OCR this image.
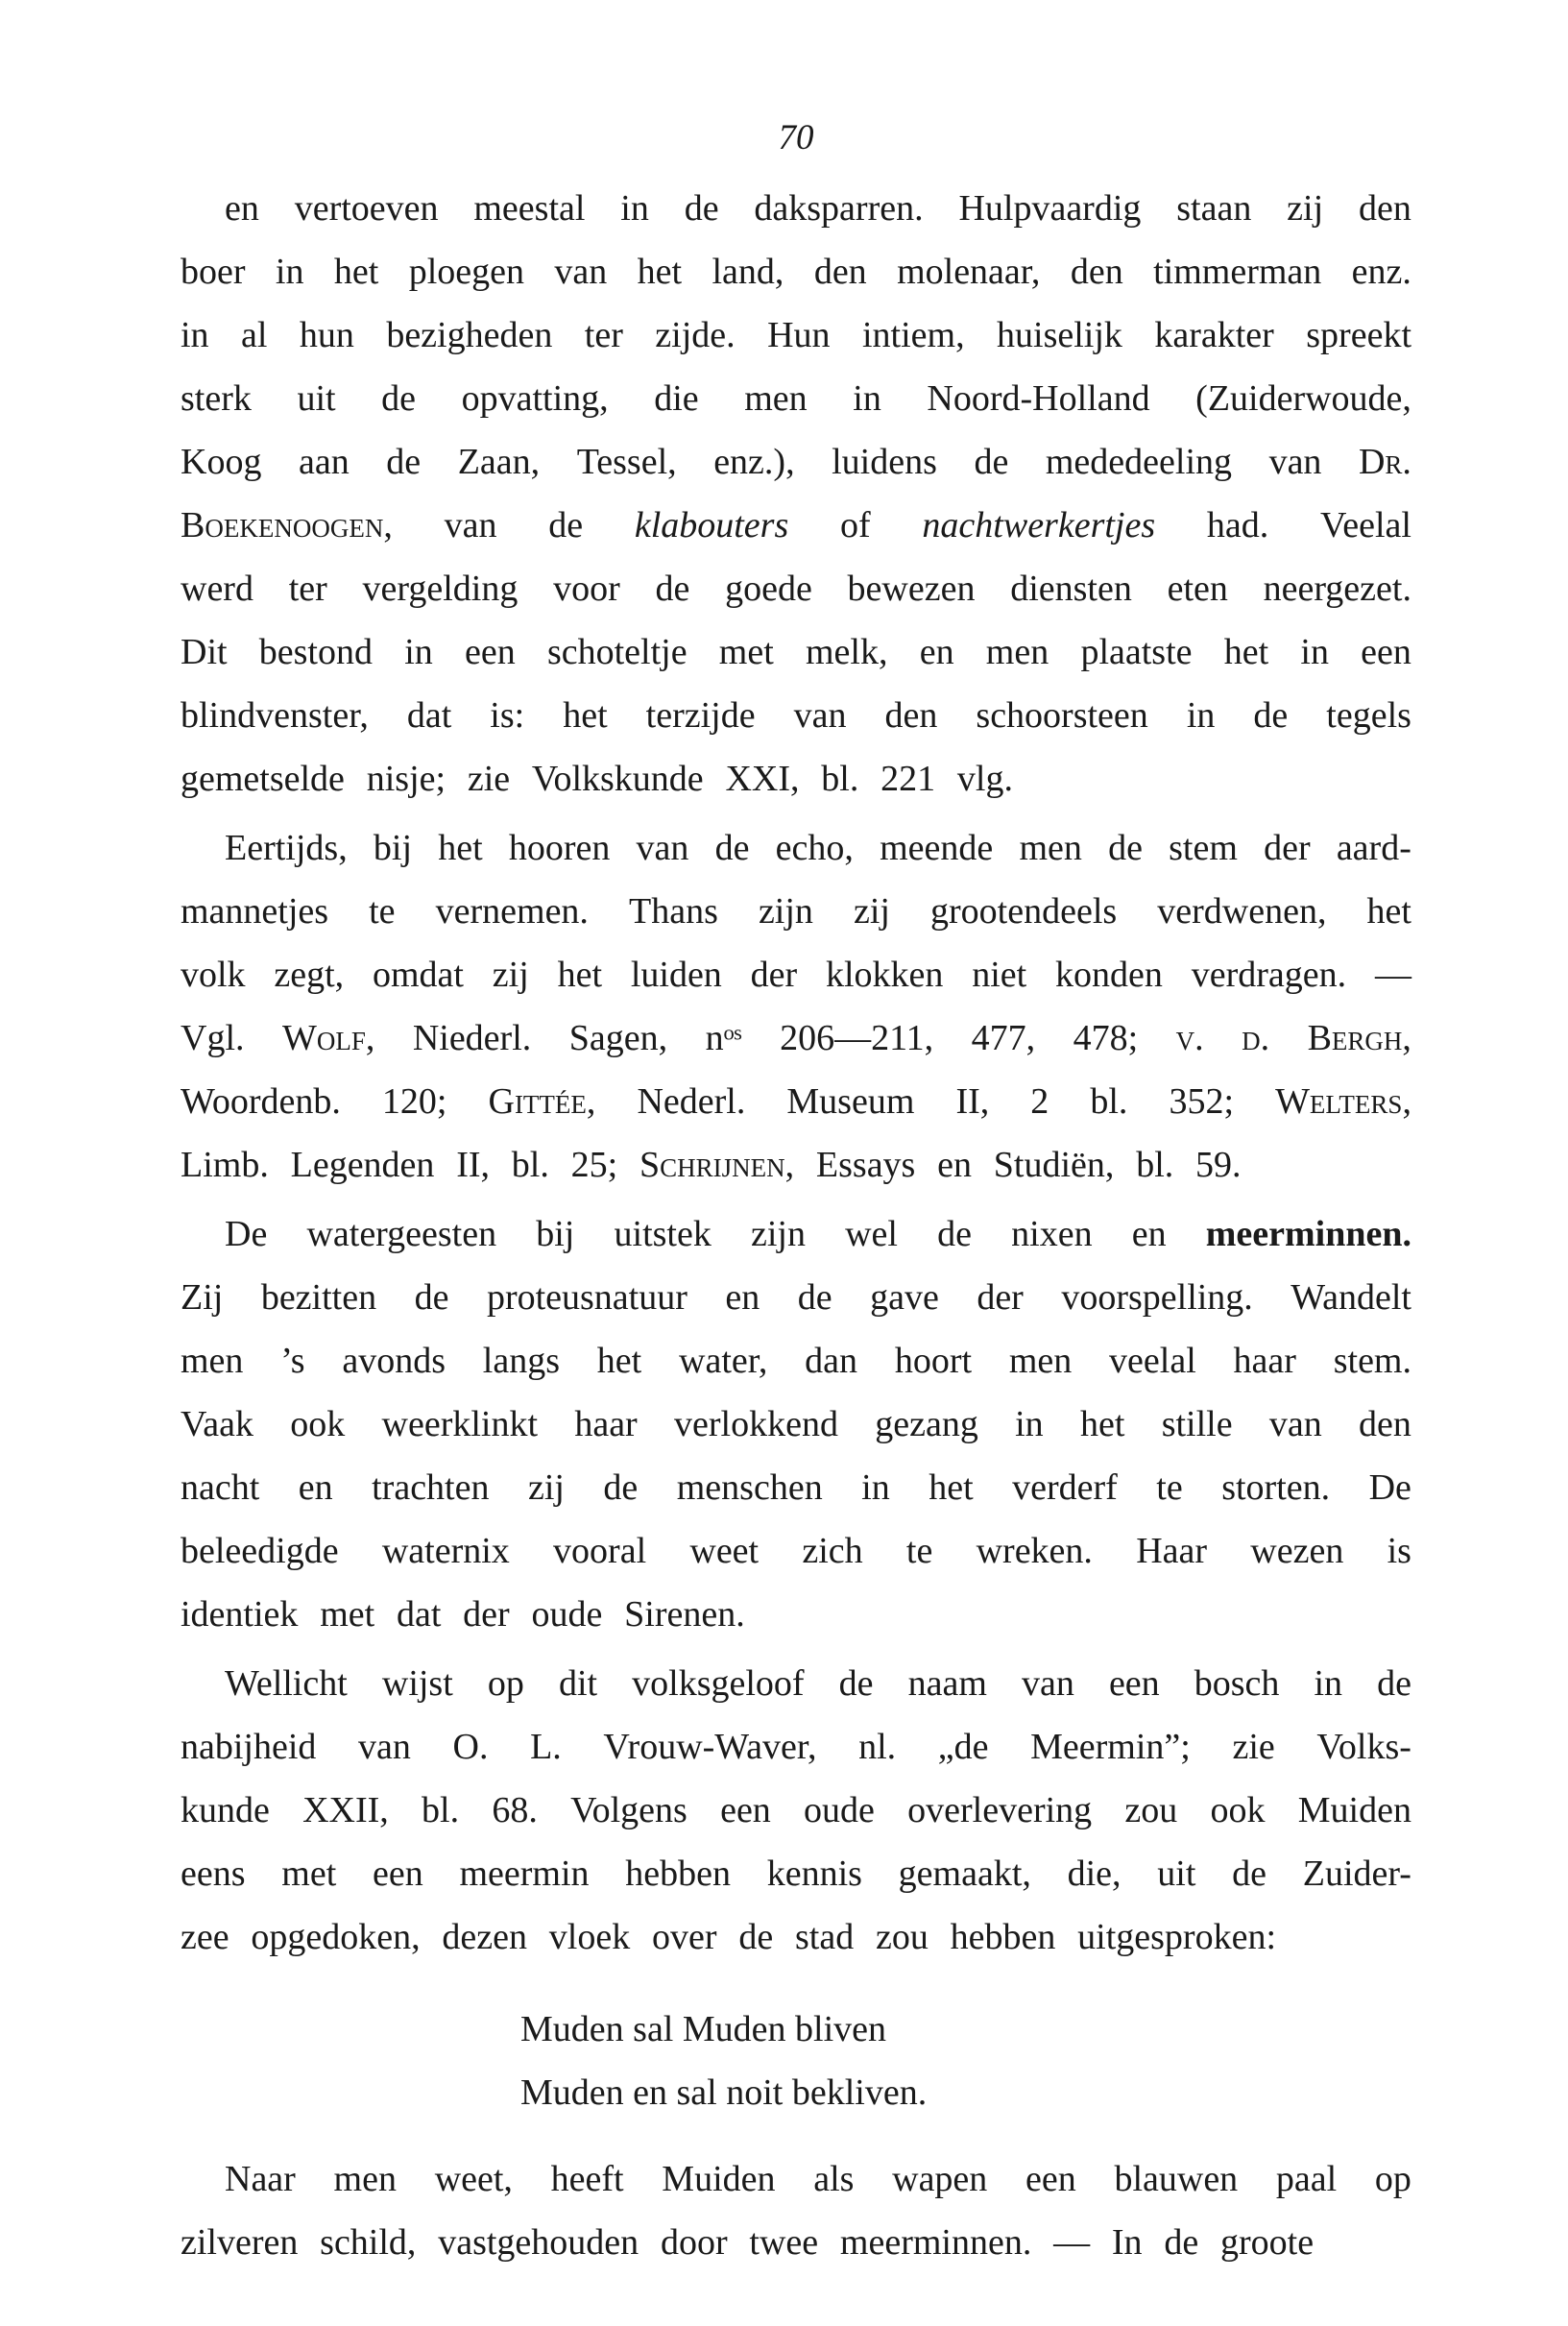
70
en vertoeven meestal in de daksparren. Hulpvaardig staan zij den
boer in het ploegen van het land, den molenaar, den timmerman enz.
in al hun bezigheden ter zijde. Hun intiem, huiselijk karakter spreekt
sterk uit de opvatting, die men in Noord-Holland (Zuiderwoude,
Koog aan de Zaan, Tessel, enz.), luidens de mededeeling van Dr.
Boekenoogen, van de klabouters of nachtwerkertjes had. Veelal
werd ter vergelding voor de goede bewezen diensten eten neergezet.
Dit bestond in een schoteltje met melk, en men plaatste het in een
blindvenster, dat is: het terzijde van den schoorsteen in de tegels
gemetselde nisje; zie Volkskunde XXI, bl. 221 vlg.
Eertijds, bij het hooren van de echo, meende men de stem der aard-
mannetjes te vernemen. Thans zijn zij grootendeels verdwenen, het
volk zegt, omdat zij het luiden der klokken niet konden verdragen. —
Vgl. Wolf, Niederl. Sagen, nᵒˢ 206—211, 477, 478; v. d. Bergh,
Woordenb. 120; Gittée, Nederl. Museum II, 2 bl. 352; Welters,
Limb. Legenden II, bl. 25; Schrijnen, Essays en Studiën, bl. 59.
De watergeesten bij uitstek zijn wel de nixen en meerminnen.
Zij bezitten de proteusnatuur en de gave der voorspelling. Wandelt
men ’s avonds langs het water, dan hoort men veelal haar stem.
Vaak ook weerklinkt haar verlokkend gezang in het stille van den
nacht en trachten zij de menschen in het verderf te storten. De
beleedigde waternix vooral weet zich te wreken. Haar wezen is
identiek met dat der oude Sirenen.
Wellicht wijst op dit volksgeloof de naam van een bosch in de
nabijheid van O. L. Vrouw-Waver, nl. „de Meermin”; zie Volks-
kunde XXII, bl. 68. Volgens een oude overlevering zou ook Muiden
eens met een meermin hebben kennis gemaakt, die, uit de Zuider-
zee opgedoken, dezen vloek over de stad zou hebben uitgesproken:
Muden sal Muden bliven
Muden en sal noit bekliven.
Naar men weet, heeft Muiden als wapen een blauwen paal op
zilveren schild, vastgehouden door twee meerminnen. — In de groote
